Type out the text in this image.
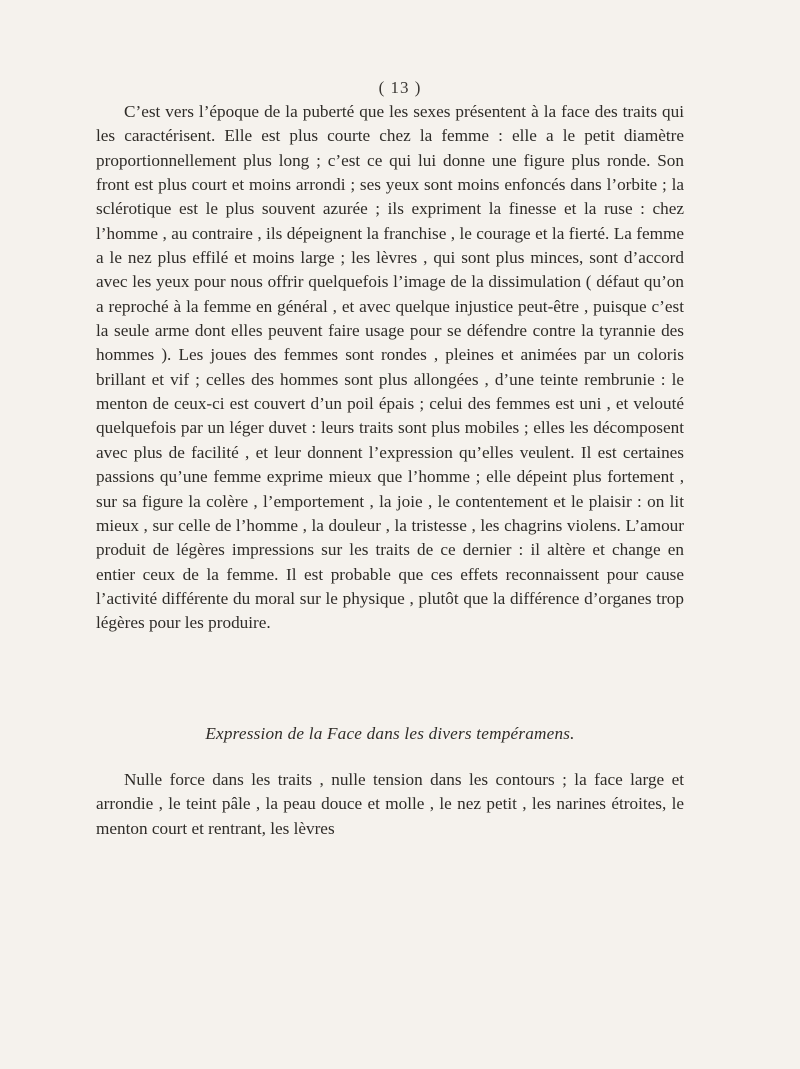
( 13 )

C’est vers l’époque de la puberté que les sexes présentent à la face des traits qui les caractérisent. Elle est plus courte chez la femme : elle a le petit diamètre proportionnellement plus long ; c’est ce qui lui donne une figure plus ronde. Son front est plus court et moins arrondi ; ses yeux sont moins enfoncés dans l’orbite ; la sclérotique est le plus souvent azurée ; ils expriment la finesse et la ruse : chez l’homme , au contraire , ils dépeignent la franchise , le courage et la fierté. La femme a le nez plus effilé et moins large ; les lèvres , qui sont plus minces, sont d’accord avec les yeux pour nous offrir quelquefois l’image de la dissimulation ( défaut qu’on a reproché à la femme en général , et avec quelque injustice peut-être , puisque c’est la seule arme dont elles peuvent faire usage pour se défendre contre la tyrannie des hommes ). Les joues des femmes sont rondes , pleines et animées par un coloris brillant et vif ; celles des hommes sont plus allongées , d’une teinte rembrunie : le menton de ceux-ci est couvert d’un poil épais ; celui des femmes est uni , et velouté quelquefois par un léger duvet : leurs traits sont plus mobiles ; elles les décomposent avec plus de facilité , et leur donnent l’expression qu’elles veulent. Il est certaines passions qu’une femme exprime mieux que l’homme ; elle dépeint plus fortement , sur sa figure la colère , l’emportement , la joie , le contentement et le plaisir : on lit mieux , sur celle de l’homme , la douleur , la tristesse , les chagrins violens. L’amour produit de légères impressions sur les traits de ce dernier : il altère et change en entier ceux de la femme. Il est probable que ces effets reconnaissent pour cause l’activité différente du moral sur le physique , plutôt que la différence d’organes trop légères pour les produire.

Expression de la Face dans les divers tempéramens.

Nulle force dans les traits , nulle tension dans les contours ; la face large et arrondie , le teint pâle , la peau douce et molle , le nez petit , les narines étroites, le menton court et rentrant, les lèvres
